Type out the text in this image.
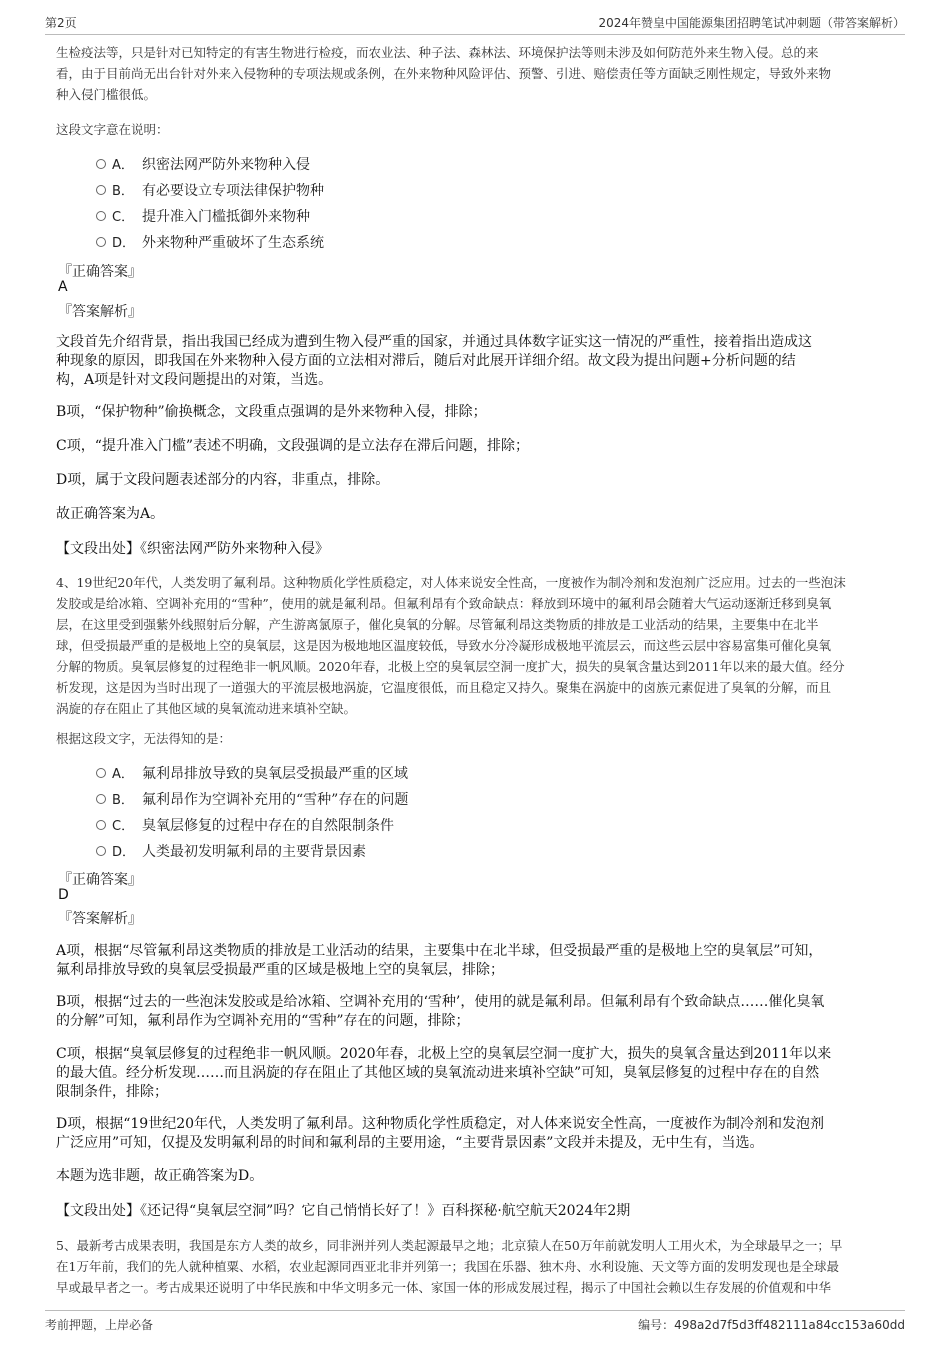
第2页	2024年赞皇中国能源集团招聘笔试冲刺题（带答案解析）
生检疫法等，只是针对已知特定的有害生物进行检疫，而农业法、种子法、森林法、环境保护法等则未涉及如何防范外来生物入侵。总的来
看，由于目前尚无出台针对外来入侵物种的专项法规或条例，在外来物种风险评估、预警、引进、赔偿责任等方面缺乏刚性规定，导致外来物
种入侵门槛很低。
这段文字意在说明：
A． 织密法网严防外来物种入侵
B． 有必要设立专项法律保护物种
C． 提升准入门槛抵御外来物种
D． 外来物种严重破坏了生态系统
『正确答案』
A
『答案解析』
文段首先介绍背景，指出我国已经成为遭到生物入侵严重的国家，并通过具体数字证实这一情况的严重性，接着指出造成这
种现象的原因，即我国在外来物种入侵方面的立法相对滞后，随后对此展开详细介绍。故文段为提出问题+分析问题的结
构，A项是针对文段问题提出的对策，当选。
B项，“保护物种”偷换概念，文段重点强调的是外来物种入侵，排除；
C项，“提升准入门槛”表述不明确，文段强调的是立法存在滞后问题，排除；
D项，属于文段问题表述部分的内容，非重点，排除。
故正确答案为A。
【文段出处】《织密法网严防外来物种入侵》
4、19世纪20年代，人类发明了氟利昂。这种物质化学性质稳定，对人体来说安全性高，一度被作为制冷剂和发泡剂广泛应用。过去的一些泡沫
发胶或是给冰箱、空调补充用的“雪种”，使用的就是氟利昂。但氟利昂有个致命缺点：释放到环境中的氟利昂会随着大气运动逐渐迁移到臭氧
层，在这里受到强紫外线照射后分解，产生游离氯原子，催化臭氧的分解。尽管氟利昂这类物质的排放是工业活动的结果，主要集中在北半
球，但受损最严重的是极地上空的臭氧层，这是因为极地地区温度较低，导致水分冷凝形成极地平流层云，而这些云层中容易富集可催化臭氧
分解的物质。臭氧层修复的过程绝非一帆风顺。2020年春，北极上空的臭氧层空洞一度扩大，损失的臭氧含量达到2011年以来的最大值。经分
析发现，这是因为当时出现了一道强大的平流层极地涡旋，它温度很低，而且稳定又持久。聚集在涡旋中的卤族元素促进了臭氧的分解，而且
涡旋的存在阻止了其他区域的臭氧流动进来填补空缺。
根据这段文字，无法得知的是：
A． 氟利昂排放导致的臭氧层受损最严重的区域
B． 氟利昂作为空调补充用的“雪种”存在的问题
C． 臭氧层修复的过程中存在的自然限制条件
D． 人类最初发明氟利昂的主要背景因素
『正确答案』
D
『答案解析』
A项，根据“尽管氟利昂这类物质的排放是工业活动的结果，主要集中在北半球，但受损最严重的是极地上空的臭氧层”可知，
氟利昂排放导致的臭氧层受损最严重的区域是极地上空的臭氧层，排除；
B项，根据“过去的一些泡沫发胶或是给冰箱、空调补充用的‘雪种’，使用的就是氟利昂。但氟利昂有个致命缺点……催化臭氧
的分解”可知，氟利昂作为空调补充用的“雪种”存在的问题，排除；
C项，根据“臭氧层修复的过程绝非一帆风顺。2020年春，北极上空的臭氧层空洞一度扩大，损失的臭氧含量达到2011年以来
的最大值。经分析发现……而且涡旋的存在阻止了其他区域的臭氧流动进来填补空缺”可知，臭氧层修复的过程中存在的自然
限制条件，排除；
D项，根据“19世纪20年代，人类发明了氟利昂。这种物质化学性质稳定，对人体来说安全性高，一度被作为制冷剂和发泡剂
广泛应用”可知，仅提及发明氟利昂的时间和氟利昂的主要用途，“主要背景因素”文段并未提及，无中生有，当选。
本题为选非题，故正确答案为D。
【文段出处】《还记得“臭氧层空洞”吗？它自己悄悄长好了！》百科探秘·航空航天2024年2期
5、最新考古成果表明，我国是东方人类的故乡，同非洲并列人类起源最早之地；北京猿人在50万年前就发明人工用火术，为全球最早之一；早
在1万年前，我们的先人就种植粟、水稻，农业起源同西亚北非并列第一；我国在乐器、独木舟、水利设施、天文等方面的发明发现也是全球最
早或最早者之一。考古成果还说明了中华民族和中华文明多元一体、家国一体的形成发展过程，揭示了中国社会赖以生存发展的价值观和中华
考前押题，上岸必备	编号：498a2d7f5d3ff482111a84cc153a60dd
